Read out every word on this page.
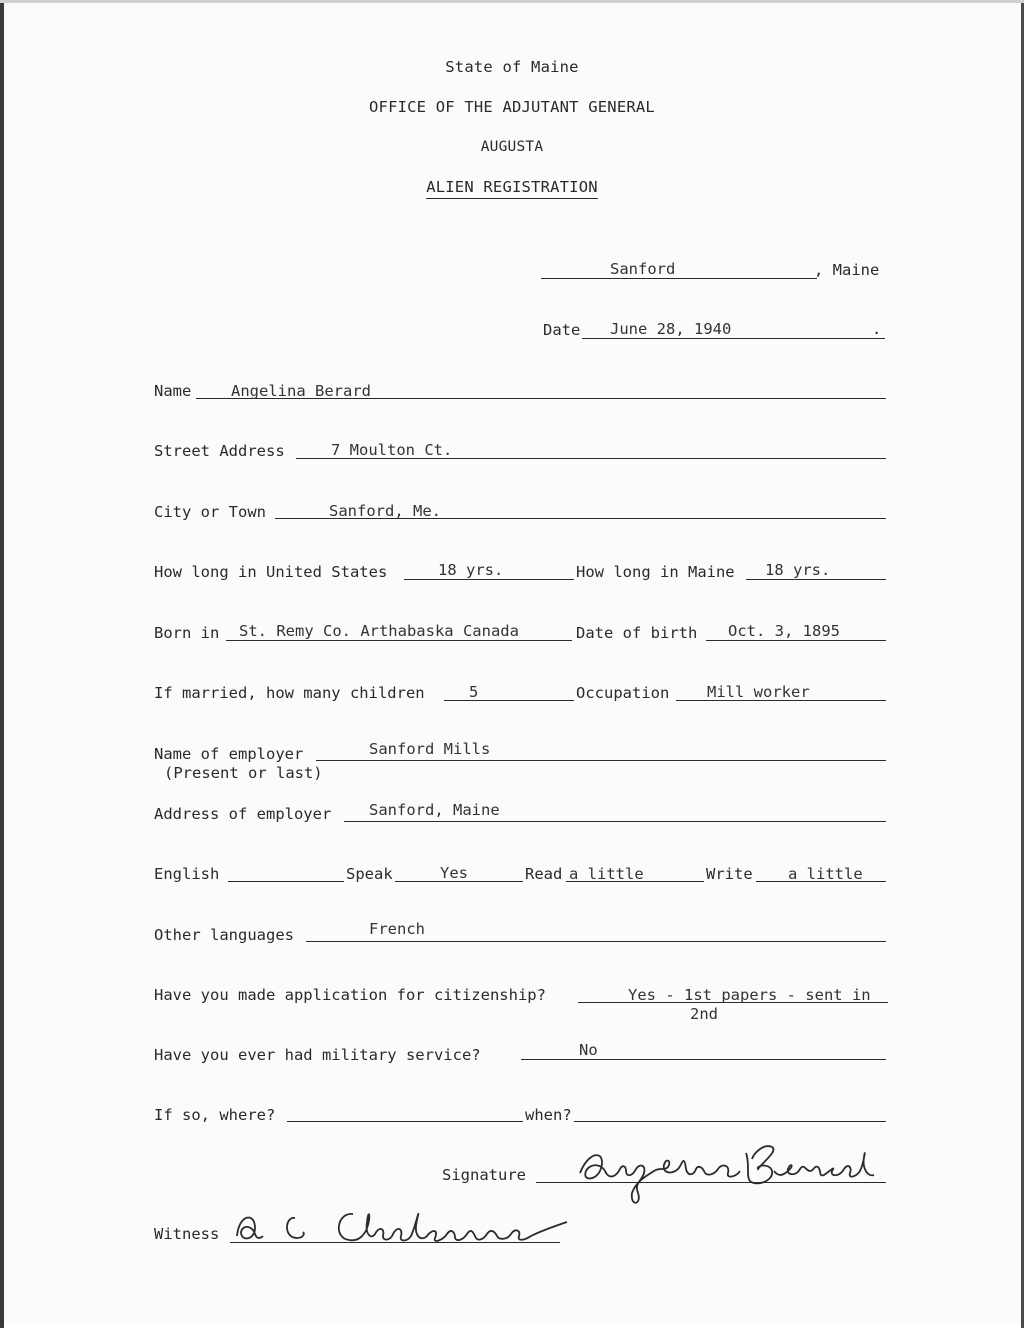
State of Maine
OFFICE OF THE ADJUTANT GENERAL
AUGUSTA
ALIEN REGISTRATION
Sanford	, Maine
Date June 28, 1940	.
Name	Angelina Berard
Street Address	7 Moulton Ct.
City or Town	Sanford, Me.
How long in United States	18 yrs.	How long in Maine 18 yrs.
Born in St. Remy Co. Arthabaska Canada	Date of birth Oct. 3, 1895
If married, how many children	5	Occupation Mill worker
Name of employer
(Present or last)
Sanford Mills
Address of employer Sanford, Maine
English	Speak	Yes	Read a little	Write a little
Other languages	French
Have you made application for citizenship?	Yes - 1st papers - sent in
2nd
Have you ever had military service?	No
If so, where?	when?
Signature
Witness
